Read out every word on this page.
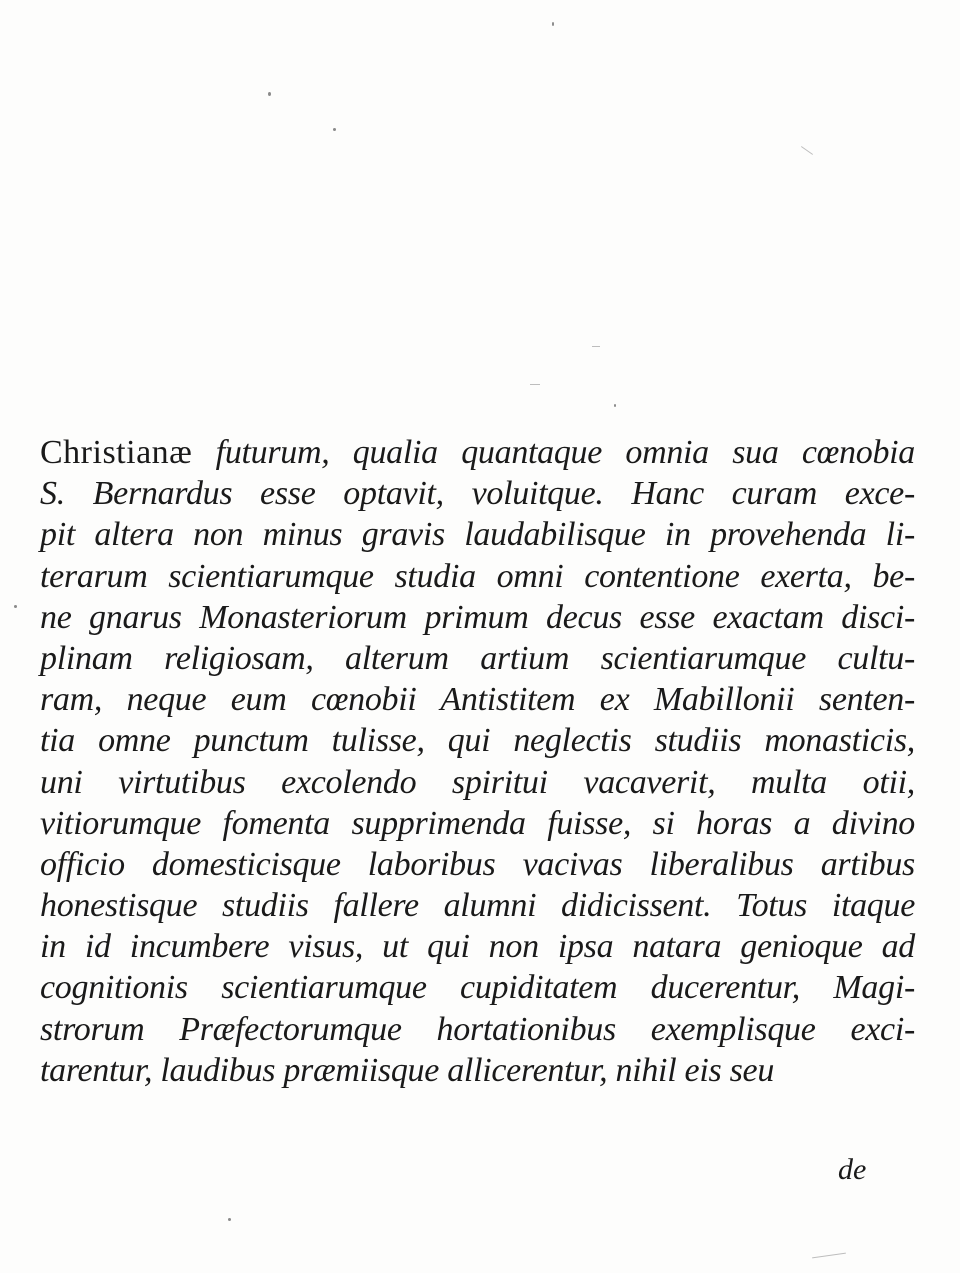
Christianæ futurum, qualia quantaque omnia sua cœnobia
S. Bernardus esse optavit, voluitque. Hanc curam exce-
pit altera non minus gravis laudabilisque in provehenda li-
terarum scientiarumque studia omni contentione exerta, be-
ne gnarus Monasteriorum primum decus esse exactam disci-
plinam religiosam, alterum artium scientiarumque cultu-
ram, neque eum cœnobii Antistitem ex Mabillonii senten-
tia omne punctum tulisse, qui neglectis studiis monasticis,
uni virtutibus excolendo spiritui vacaverit, multa otii,
vitiorumque fomenta supprimenda fuisse, si horas a divino
officio domesticisque laboribus vacivas liberalibus artibus
honestisque studiis fallere alumni didicissent. Totus itaque
in id incumbere visus, ut qui non ipsa natara genioque ad
cognitionis scientiarumque cupiditatem ducerentur, Magi-
strorum Præfectorumque hortationibus exemplisque exci-
tarentur, laudibus præmiisque allicerentur, nihil eis seu
de
